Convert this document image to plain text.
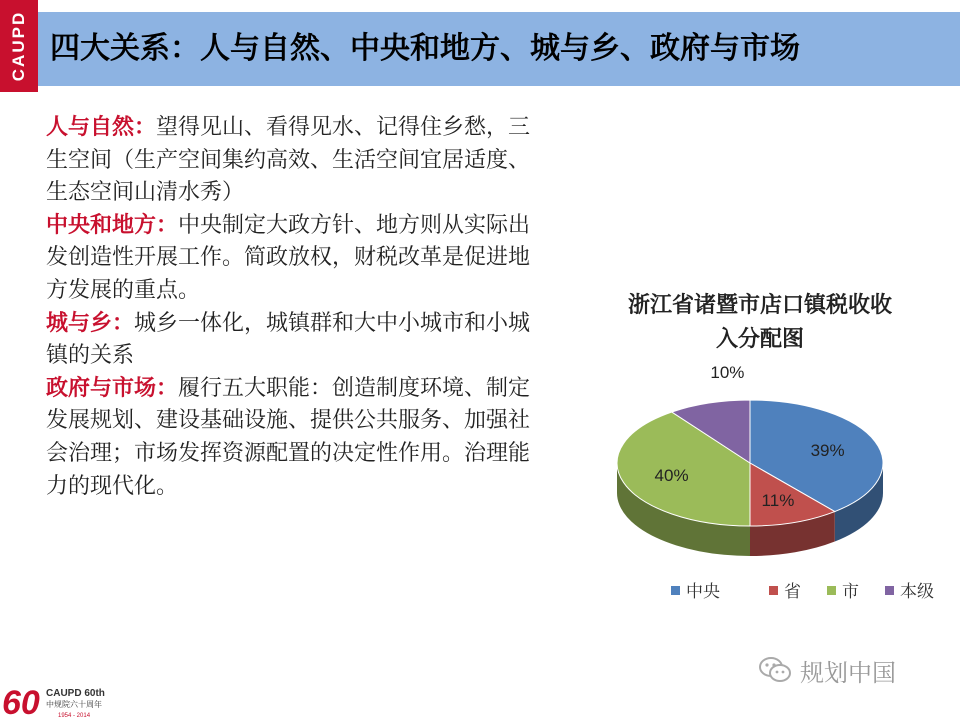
CAUPD 四大关系：人与自然、中央和地方、城与乡、政府与市场

人与自然：望得见山、看得见水、记得住乡愁，三生空间（生产空间集约高效、生活空间宜居适度、生态空间山清水秀）

中央和地方：中央制定大政方针、地方则从实际出发创造性开展工作。简政放权，财税改革是促进地方发展的重点。

城与乡：城乡一体化，城镇群和大中小城市和小城镇的关系

政府与市场：履行五大职能：创造制度环境、制定发展规划、建设基础设施、提供公共服务、加强社会治理；市场发挥资源配置的决定性作用。治理能力的现代化。

浙江省诸暨市店口镇税收收
入分配图
39%
11%
40%
10%
中央	省 市 本级
规划中国
60 CAUPD 60th
中规院六十周年
1954 - 2014
